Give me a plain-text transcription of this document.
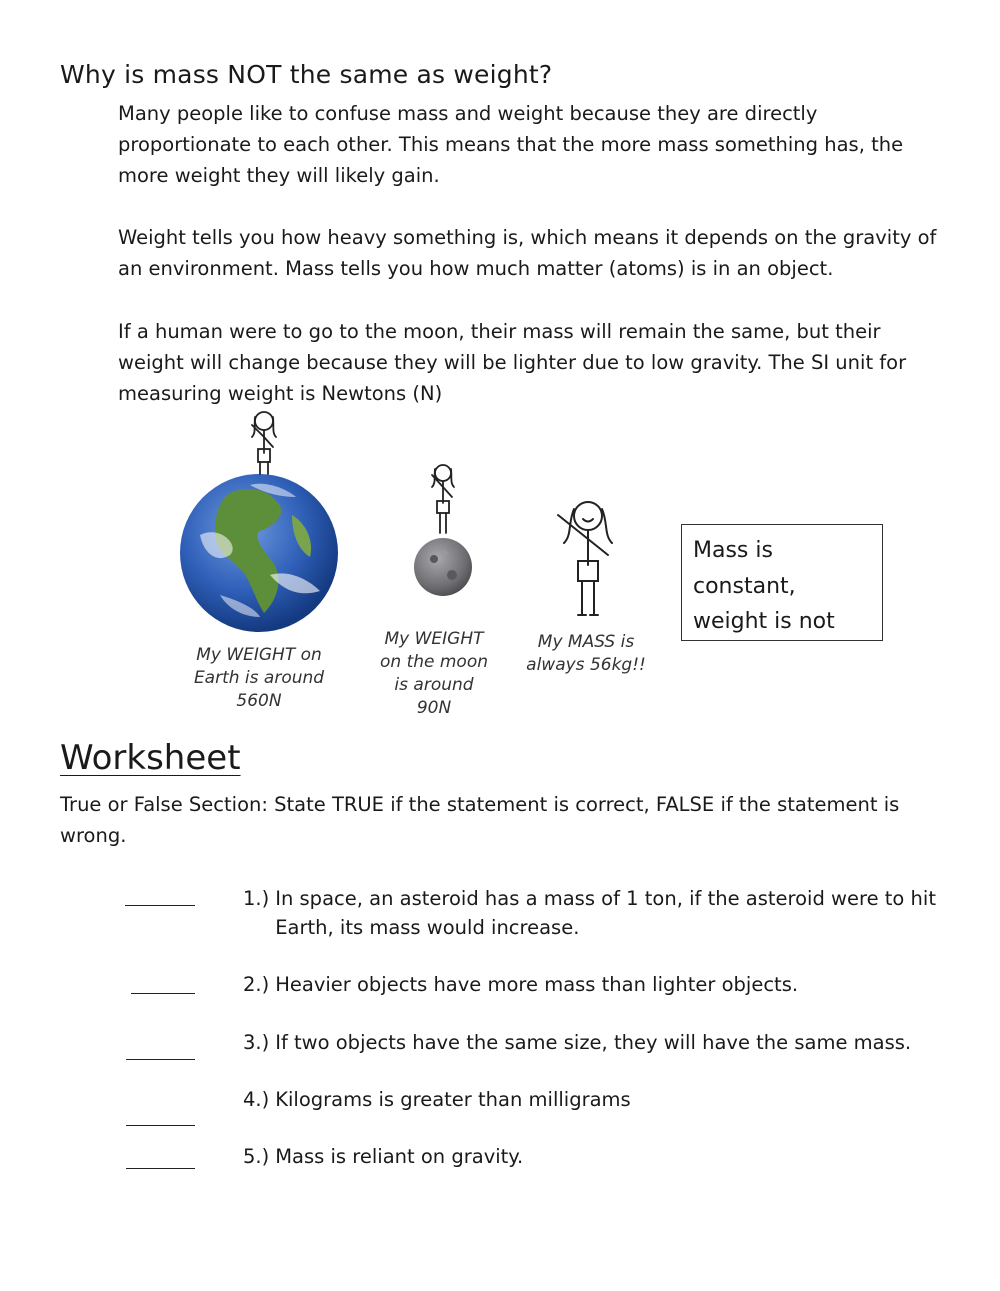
Why is mass NOT the same as weight?

Many people like to confuse mass and weight because they are directly proportionate to each other. This means that the more mass something has, the more weight they will likely gain.

Weight tells you how heavy something is, which means it depends on the gravity of an environment. Mass tells you how much matter (atoms) is in an object.

If a human were to go to the moon, their mass will remain the same, but their weight will change because they will be lighter due to low gravity. The SI unit for measuring weight is Newtons (N)

My WEIGHT on
Earth is around
560N
My WEIGHT
on the moon
is around
90N
My MASS is
always 56kg!!
Mass is
constant,
weight is not
Worksheet

True or False Section: State TRUE if the statement is correct, FALSE if the statement is wrong.

1.) In space, an asteroid has a mass of 1 ton, if the asteroid were to hit Earth, its mass would increase.
2.) Heavier objects have more mass than lighter objects.
3.) If two objects have the same size, they will have the same mass.
4.) Kilograms is greater than milligrams
5.) Mass is reliant on gravity.
